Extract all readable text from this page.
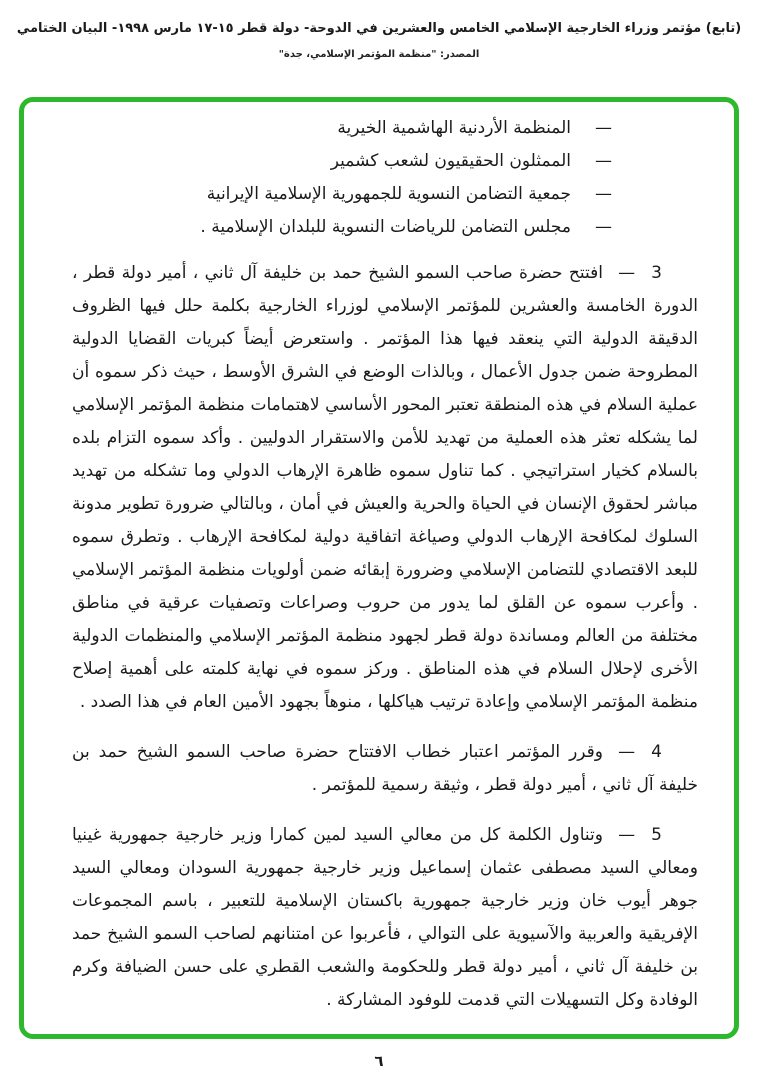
(تابع) مؤتمر وزراء الخارجية الإسلامي الخامس والعشرين في الدوحة- دولة قطر ١٥-١٧ مارس ١٩٩٨- البيان الختامي
المصدر: "منظمة المؤتمر الإسلامي، جدة"
—
المنظمة الأردنية الهاشمية الخيرية
—
الممثلون الحقيقيون لشعب كشمير
—
جمعية التضامن النسوية للجمهورية الإسلامية الإيرانية
—
مجلس التضامن للرياضات النسوية للبلدان الإسلامية .
3
—

افتتح حضرة صاحب السمو الشيخ حمد بن خليفة آل ثاني ، أمير دولة قطر ، الدورة الخامسة والعشرين للمؤتمر الإسلامي لوزراء الخارجية بكلمة حلل فيها الظروف الدقيقة الدولية التي ينعقد فيها هذا المؤتمر . واستعرض أيضاً كبريات القضايا الدولية المطروحة ضمن جدول الأعمال ، وبالذات الوضع في الشرق الأوسط ، حيث ذكر سموه أن عملية السلام في هذه المنطقة تعتبر المحور الأساسي لاهتمامات منظمة المؤتمر الإسلامي لما يشكله تعثر هذه العملية من تهديد للأمن والاستقرار الدوليين . وأكد سموه التزام بلده بالسلام كخيار استراتيجي . كما تناول سموه ظاهرة الإرهاب الدولي وما تشكله من تهديد مباشر لحقوق الإنسان في الحياة والحرية والعيش في أمان ، وبالتالي ضرورة تطوير مدونة السلوك لمكافحة الإرهاب الدولي وصياغة اتفاقية دولية لمكافحة الإرهاب . وتطرق سموه للبعد الاقتصادي للتضامن الإسلامي وضرورة إبقائه ضمن أولويات منظمة المؤتمر الإسلامي . وأعرب سموه عن القلق لما يدور من حروب وصراعات وتصفيات عرقية في مناطق مختلفة من العالم ومساندة دولة قطر لجهود منظمة المؤتمر الإسلامي والمنظمات الدولية الأخرى لإحلال السلام في هذه المناطق . وركز سموه في نهاية كلمته على أهمية إصلاح منظمة المؤتمر الإسلامي وإعادة ترتيب هياكلها ، منوهاً بجهود الأمين العام في هذا الصدد .

4
—

وقرر المؤتمر اعتبار خطاب الافتتاح حضرة صاحب السمو الشيخ حمد بن خليفة آل ثاني ، أمير دولة قطر ، وثيقة رسمية للمؤتمر .

5
—

وتناول الكلمة كل من معالي السيد لمين كمارا وزير خارجية جمهورية غينيا ومعالي السيد مصطفى عثمان إسماعيل وزير خارجية جمهورية السودان ومعالي السيد جوهر أيوب خان وزير خارجية جمهورية باكستان الإسلامية للتعبير ، باسم المجموعات الإفريقية والعربية والآسيوية على التوالي ، فأعربوا عن امتنانهم لصاحب السمو الشيخ حمد بن خليفة آل ثاني ، أمير دولة قطر وللحكومة والشعب القطري على حسن الضيافة وكرم الوفادة وكل التسهيلات التي قدمت للوفود المشاركة .

٦
